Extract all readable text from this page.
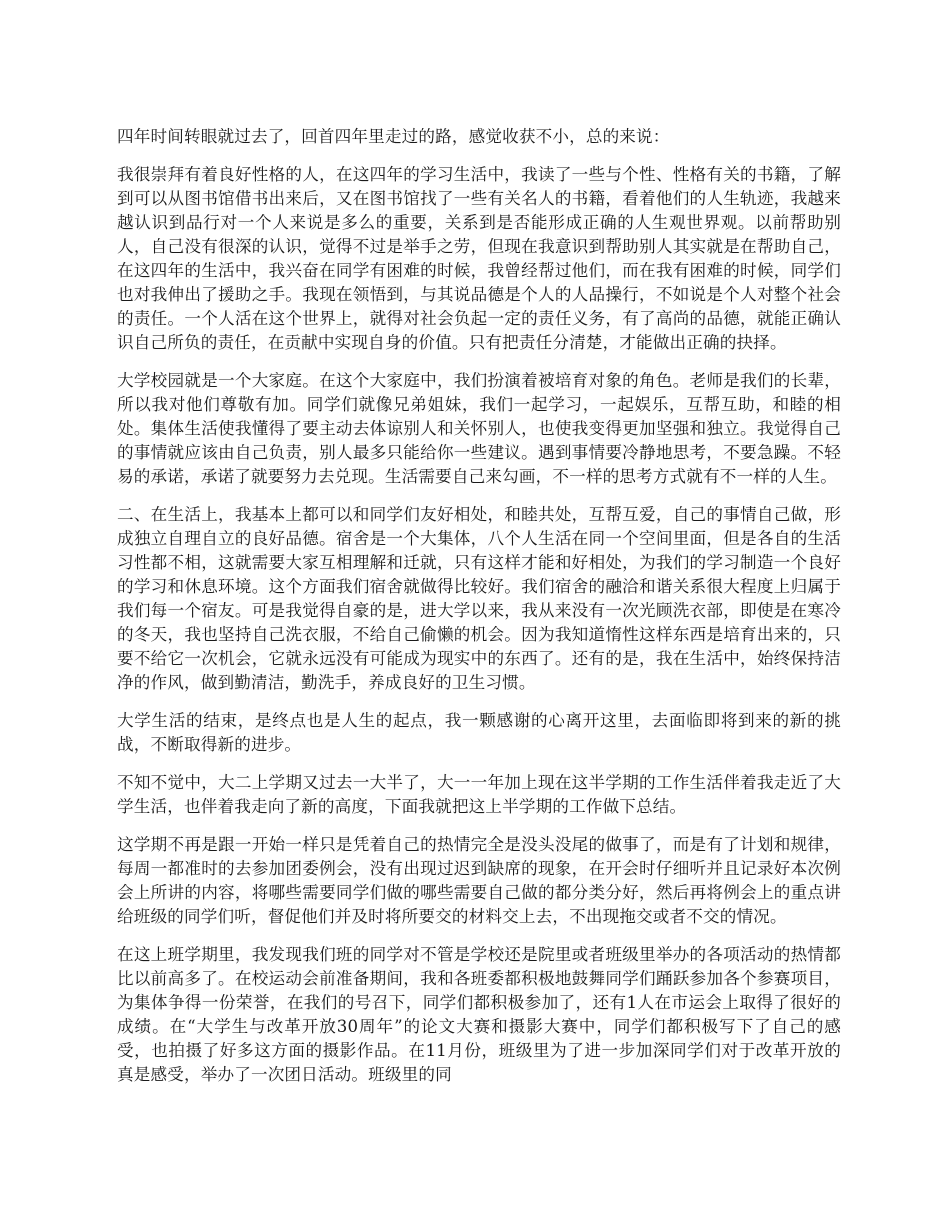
四年时间转眼就过去了，回首四年里走过的路，感觉收获不小，总的来说：

我很崇拜有着良好性格的人，在这四年的学习生活中，我读了一些与个性、性格有关的书籍，了解到可以从图书馆借书出来后，又在图书馆找了一些有关名人的书籍，看着他们的人生轨迹，我越来越认识到品行对一个人来说是多么的重要，关系到是否能形成正确的人生观世界观。以前帮助别人，自己没有很深的认识，觉得不过是举手之劳，但现在我意识到帮助别人其实就是在帮助自己，在这四年的生活中，我兴奋在同学有困难的时候，我曾经帮过他们，而在我有困难的时候，同学们也对我伸出了援助之手。我现在领悟到，与其说品德是个人的人品操行，不如说是个人对整个社会的责任。一个人活在这个世界上，就得对社会负起一定的责任义务，有了高尚的品德，就能正确认识自己所负的责任，在贡献中实现自身的价值。只有把责任分清楚，才能做出正确的抉择。

大学校园就是一个大家庭。在这个大家庭中，我们扮演着被培育对象的角色。老师是我们的长辈，所以我对他们尊敬有加。同学们就像兄弟姐妹，我们一起学习，一起娱乐，互帮互助，和睦的相处。集体生活使我懂得了要主动去体谅别人和关怀别人，也使我变得更加坚强和独立。我觉得自己的事情就应该由自己负责，别人最多只能给你一些建议。遇到事情要冷静地思考，不要急躁。不轻易的承诺，承诺了就要努力去兑现。生活需要自己来勾画，不一样的思考方式就有不一样的人生。

二、在生活上，我基本上都可以和同学们友好相处，和睦共处，互帮互爱，自己的事情自己做，形成独立自理自立的良好品德。宿舍是一个大集体，八个人生活在同一个空间里面，但是各自的生活习性都不相，这就需要大家互相理解和迁就，只有这样才能和好相处，为我们的学习制造一个良好的学习和休息环境。这个方面我们宿舍就做得比较好。我们宿舍的融洽和谐关系很大程度上归属于我们每一个宿友。可是我觉得自豪的是，进大学以来，我从来没有一次光顾洗衣部，即使是在寒冷的冬天，我也坚持自己洗衣服，不给自己偷懒的机会。因为我知道惰性这样东西是培育出来的，只要不给它一次机会，它就永远没有可能成为现实中的东西了。还有的是，我在生活中，始终保持洁净的作风，做到勤清洁，勤洗手，养成良好的卫生习惯。

大学生活的结束，是终点也是人生的起点，我一颗感谢的心离开这里，去面临即将到来的新的挑战，不断取得新的进步。

不知不觉中，大二上学期又过去一大半了，大一一年加上现在这半学期的工作生活伴着我走近了大学生活，也伴着我走向了新的高度，下面我就把这上半学期的工作做下总结。

这学期不再是跟一开始一样只是凭着自己的热情完全是没头没尾的做事了，而是有了计划和规律，每周一都准时的去参加团委例会，没有出现过迟到缺席的现象，在开会时仔细听并且记录好本次例会上所讲的内容，将哪些需要同学们做的哪些需要自己做的都分类分好，然后再将例会上的重点讲给班级的同学们听，督促他们并及时将所要交的材料交上去，不出现拖交或者不交的情况。

在这上班学期里，我发现我们班的同学对不管是学校还是院里或者班级里举办的各项活动的热情都比以前高多了。在校运动会前准备期间，我和各班委都积极地鼓舞同学们踊跃参加各个参赛项目，为集体争得一份荣誉，在我们的号召下，同学们都积极参加了，还有1人在市运会上取得了很好的成绩。在“大学生与改革开放30周年”的论文大赛和摄影大赛中，同学们都积极写下了自己的感受，也拍摄了好多这方面的摄影作品。在11月份，班级里为了进一步加深同学们对于改革开放的真是感受，举办了一次团日活动。班级里的同
